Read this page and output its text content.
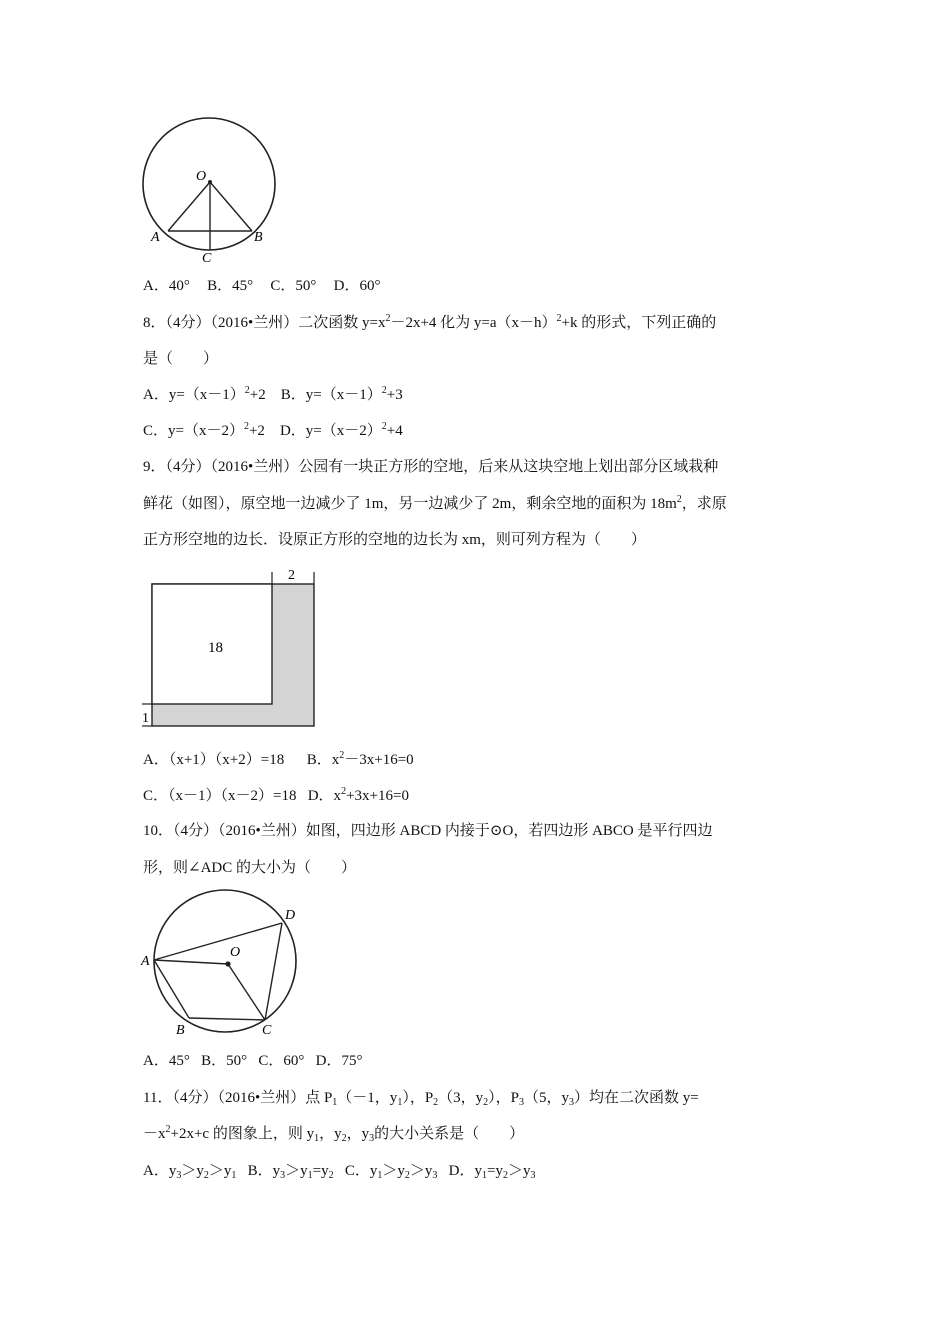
O
A	B
C
A．40° B．45° C．50° D．60°
8．（4分）（2016•兰州）二次函数 $y=x^2-2x+4$ 化为 $y=a(x-h)^2+k$ 的形式，下列正确的
是（　　）
A．$y=(x-1)^2+2$ B．$y=(x-1)^2+3$
C．$y=(x-2)^2+2$ D．$y=(x-2)^2+4$
9．（4分）（2016•兰州）公园有一块正方形的空地，后来从这块空地上划出部分区域栽种
鲜花（如图），原空地一边减少了 1m，另一边减少了 2m，剩余空地的面积为 $18m^2$，求原
正方形空地的边长．设原正方形的空地的边长为 xm，则可列方程为（　　）
18
2
1
A．（x+1）（x+2）=18 B．$x^2-3x+16=0$
C．（x－1）（x－2）=18 D．$x^2+3x+16=0$
10．（4分）（2016•兰州）如图，四边形 ABCD 内接于⊙O，若四边形 ABCO 是平行四边
形，则∠ADC 的大小为（　　）
O
A
B	C
D
A．45° B．50° C．60° D．75°
11．（4分）（2016•兰州）点 $P_1(-1$，$y_1$），$P_2(3$，$y_2$），$P_3(5$，$y_3$）均在二次函数 y=
$-x^2+2x+c$ 的图象上，则 $y_1$，$y_2$，$y_3$的大小关系是（　　）
A．$y_3>y_2>y_1$ B．$y_3>y_1=y_2$ C．$y_1>y_2>y_3$ D．$y_1=y_2>y_3$
